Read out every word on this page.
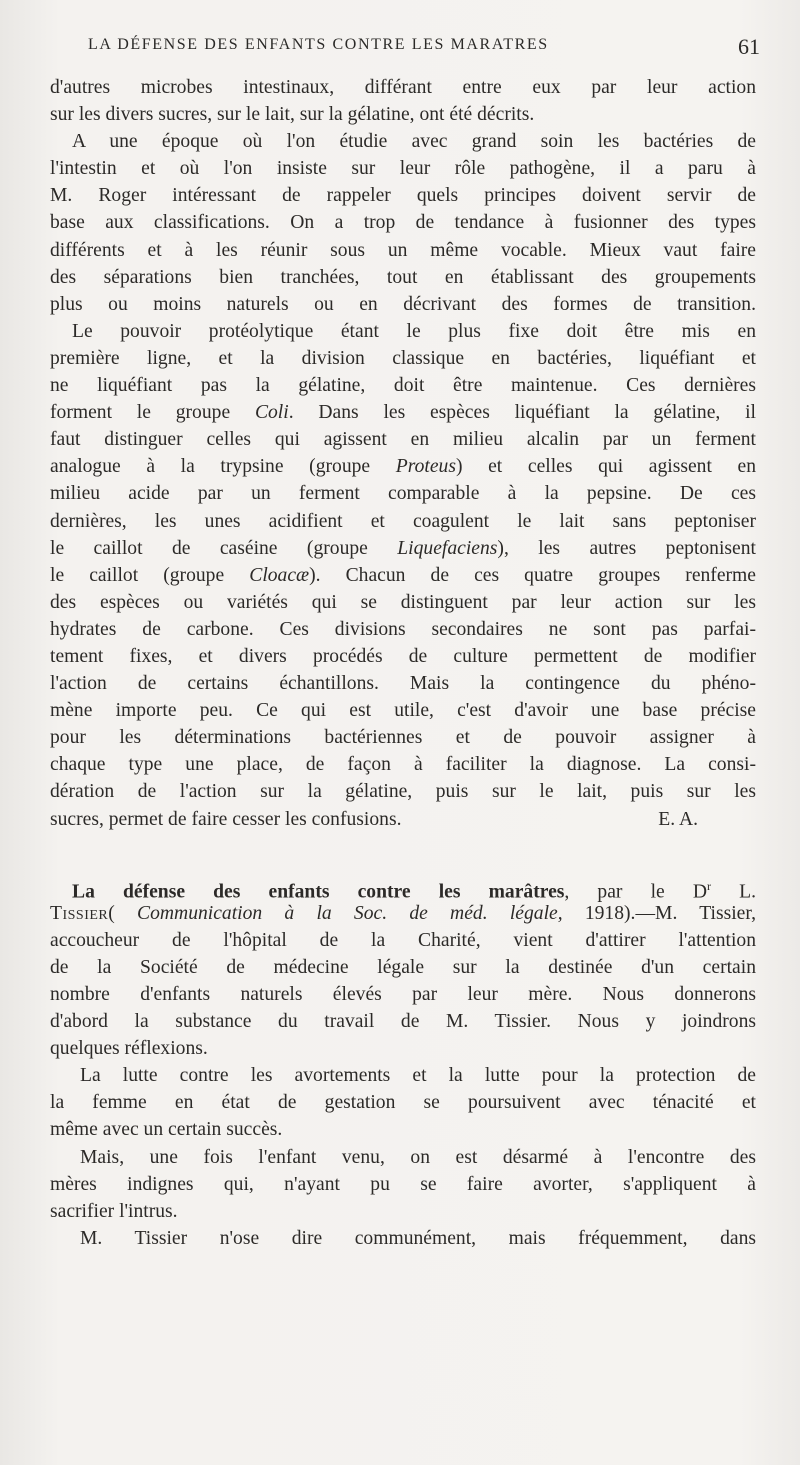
LA DÉFENSE DES ENFANTS CONTRE LES MARATRES	61
d'autres microbes intestinaux, différant entre eux par leur action
sur les divers sucres, sur le lait, sur la gélatine, ont été décrits.
A une époque où l'on étudie avec grand soin les bactéries de
l'intestin et où l'on insiste sur leur rôle pathogène, il a paru à
M. Roger intéressant de rappeler quels principes doivent servir de
base aux classifications. On a trop de tendance à fusionner des types
différents et à les réunir sous un même vocable. Mieux vaut faire
des séparations bien tranchées, tout en établissant des groupements
plus ou moins naturels ou en décrivant des formes de transition.
Le pouvoir protéolytique étant le plus fixe doit être mis en
première ligne, et la division classique en bactéries, liquéfiant et
ne liquéfiant pas la gélatine, doit être maintenue. Ces dernières
forment le groupe Coli. Dans les espèces liquéfiant la gélatine, il
faut distinguer celles qui agissent en milieu alcalin par un ferment
analogue à la trypsine (groupe Proteus) et celles qui agissent en
milieu acide par un ferment comparable à la pepsine. De ces
dernières, les unes acidifient et coagulent le lait sans peptoniser
le caillot de caséine (groupe Liquefaciens), les autres peptonisent
le caillot (groupe Cloacæ). Chacun de ces quatre groupes renferme
des espèces ou variétés qui se distinguent par leur action sur les
hydrates de carbone. Ces divisions secondaires ne sont pas parfai-
tement fixes, et divers procédés de culture permettent de modifier
l'action de certains échantillons. Mais la contingence du phéno-
mène importe peu. Ce qui est utile, c'est d'avoir une base précise
pour les déterminations bactériennes et de pouvoir assigner à
chaque type une place, de façon à faciliter la diagnose. La consi-
dération de l'action sur la gélatine, puis sur le lait, puis sur les
sucres, permet de faire cesser les confusions.	E. A.
La défense des enfants contre les marâtres, par le $D^r$ L.
Tissier( Communication à la Soc. de méd. légale, 1918).—M. Tissier,
accoucheur de l'hôpital de la Charité, vient d'attirer l'attention
de la Société de médecine légale sur la destinée d'un certain
nombre d'enfants naturels élevés par leur mère. Nous donnerons
d'abord la substance du travail de M. Tissier. Nous y joindrons
quelques réflexions.
La lutte contre les avortements et la lutte pour la protection de
la femme en état de gestation se poursuivent avec ténacité et
même avec un certain succès.
Mais, une fois l'enfant venu, on est désarmé à l'encontre des
mères indignes qui, n'ayant pu se faire avorter, s'appliquent à
sacrifier l'intrus.
M. Tissier n'ose dire communément, mais fréquemment, dans
